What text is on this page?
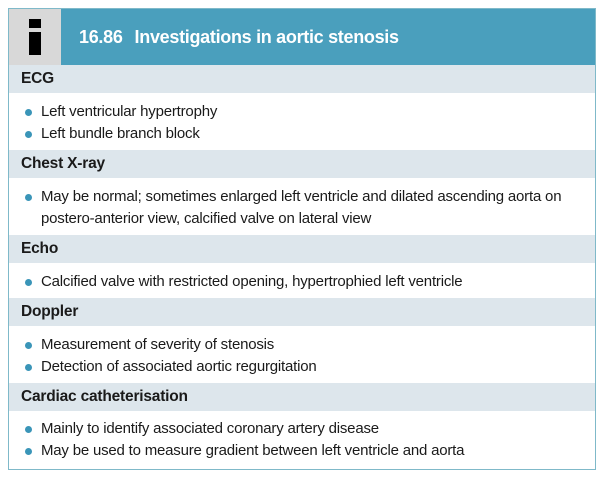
16.86 Investigations in aortic stenosis
ECG
Left ventricular hypertrophy
Left bundle branch block
Chest X-ray
May be normal; sometimes enlarged left ventricle and dilated ascending aorta on postero-anterior view, calcified valve on lateral view
Echo
Calcified valve with restricted opening, hypertrophied left ventricle
Doppler
Measurement of severity of stenosis
Detection of associated aortic regurgitation
Cardiac catheterisation
Mainly to identify associated coronary artery disease
May be used to measure gradient between left ventricle and aorta
